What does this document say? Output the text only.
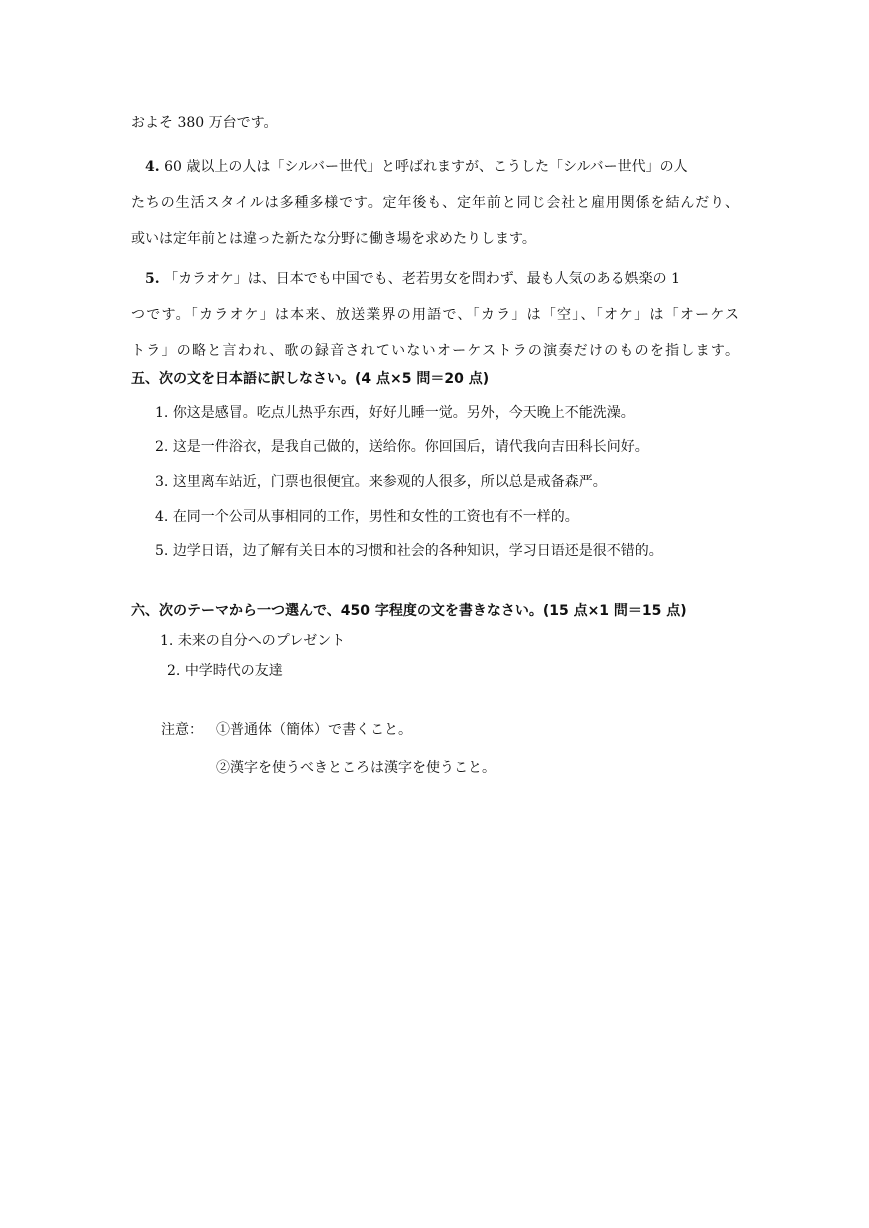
およそ 380 万台です。
4. 60 歳以上の人は「シルバー世代」と呼ばれますが、こうした「シルバー世代」の人
たちの生活スタイルは多種多様です。定年後も、定年前と同じ会社と雇用関係を結んだり、
或いは定年前とは違った新たな分野に働き場を求めたりします。
5. 「カラオケ」は、日本でも中国でも、老若男女を問わず、最も人気のある娯楽の 1
つです。「カラオケ」は本来、放送業界の用語で、「カラ」は「空」、「オケ」は「オーケス
トラ」の略と言われ、歌の録音されていないオーケストラの演奏だけのものを指します。
五、次の文を日本語に訳しなさい。(4 点×5 問＝20 点)
1. 你这是感冒。吃点儿热乎东西，好好儿睡一觉。另外，今天晚上不能洗澡。
2. 这是一件浴衣，是我自己做的，送给你。你回国后，请代我向吉田科长问好。
3. 这里离车站近，门票也很便宜。来参观的人很多，所以总是戒备森严。
4. 在同一个公司从事相同的工作，男性和女性的工资也有不一样的。
5. 边学日语，边了解有关日本的习惯和社会的各种知识，学习日语还是很不错的。
六、次のテーマから一つ選んで、450 字程度の文を書きなさい。(15 点×1 問＝15 点)
1. 未来の自分へのプレゼント
2. 中学時代の友達
注意： ①普通体（簡体）で書くこと。
②漢字を使うべきところは漢字を使うこと。
